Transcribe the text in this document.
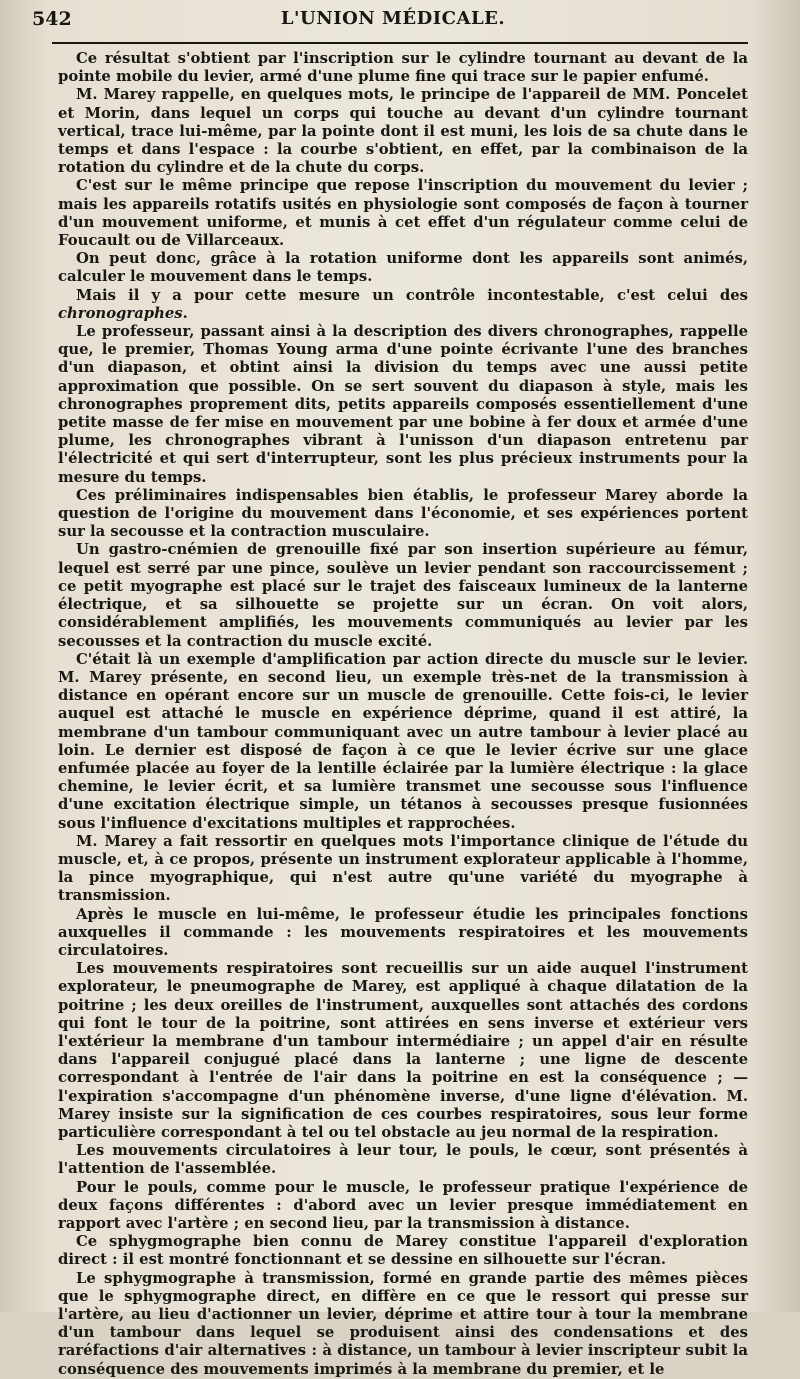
542	L'UNION MÉDICALE.

Ce résultat s'obtient par l'inscription sur le cylindre tournant au devant de la pointe mobile du levier, armé d'une plume fine qui trace sur le papier enfumé.

M. Marey rappelle, en quelques mots, le principe de l'appareil de MM. Poncelet et Morin, dans lequel un corps qui touche au devant d'un cylindre tournant vertical, trace lui-même, par la pointe dont il est muni, les lois de sa chute dans le temps et dans l'espace : la courbe s'obtient, en effet, par la combinaison de la rotation du cylindre et de la chute du corps.

C'est sur le même principe que repose l'inscription du mouvement du levier ; mais les appareils rotatifs usités en physiologie sont composés de façon à tourner d'un mouvement uniforme, et munis à cet effet d'un régulateur comme celui de Foucault ou de Villarceaux.

On peut donc, grâce à la rotation uniforme dont les appareils sont animés, calculer le mouvement dans le temps.

Mais il y a pour cette mesure un contrôle incontestable, c'est celui des chronographes.

Le professeur, passant ainsi à la description des divers chronographes, rappelle que, le premier, Thomas Young arma d'une pointe écrivante l'une des branches d'un diapason, et obtint ainsi la division du temps avec une aussi petite approximation que possible. On se sert souvent du diapason à style, mais les chronographes proprement dits, petits appareils composés essentiellement d'une petite masse de fer mise en mouvement par une bobine à fer doux et armée d'une plume, les chronographes vibrant à l'unisson d'un diapason entretenu par l'électricité et qui sert d'interrupteur, sont les plus précieux instruments pour la mesure du temps.

Ces préliminaires indispensables bien établis, le professeur Marey aborde la question de l'origine du mouvement dans l'économie, et ses expériences portent sur la secousse et la contraction musculaire.

Un gastro-cnémien de grenouille fixé par son insertion supérieure au fémur, lequel est serré par une pince, soulève un levier pendant son raccourcissement ; ce petit myographe est placé sur le trajet des faisceaux lumineux de la lanterne électrique, et sa silhouette se projette sur un écran. On voit alors, considérablement amplifiés, les mouvements communiqués au levier par les secousses et la contraction du muscle excité.

C'était là un exemple d'amplification par action directe du muscle sur le levier. M. Marey présente, en second lieu, un exemple très-net de la transmission à distance en opérant encore sur un muscle de grenouille. Cette fois-ci, le levier auquel est attaché le muscle en expérience déprime, quand il est attiré, la membrane d'un tambour communiquant avec un autre tambour à levier placé au loin. Le dernier est disposé de façon à ce que le levier écrive sur une glace enfumée placée au foyer de la lentille éclairée par la lumière électrique : la glace chemine, le levier écrit, et sa lumière transmet une secousse sous l'influence d'une excitation électrique simple, un tétanos à secousses presque fusionnées sous l'influence d'excitations multiples et rapprochées.

M. Marey a fait ressortir en quelques mots l'importance clinique de l'étude du muscle, et, à ce propos, présente un instrument explorateur applicable à l'homme, la pince myographique, qui n'est autre qu'une variété du myographe à transmission.

Après le muscle en lui-même, le professeur étudie les principales fonctions auxquelles il commande : les mouvements respiratoires et les mouvements circulatoires.

Les mouvements respiratoires sont recueillis sur un aide auquel l'instrument explorateur, le pneumographe de Marey, est appliqué à chaque dilatation de la poitrine ; les deux oreilles de l'instrument, auxquelles sont attachés des cordons qui font le tour de la poitrine, sont attirées en sens inverse et extérieur vers l'extérieur la membrane d'un tambour intermédiaire ; un appel d'air en résulte dans l'appareil conjugué placé dans la lanterne ; une ligne de descente correspondant à l'entrée de l'air dans la poitrine en est la conséquence ; — l'expiration s'accompagne d'un phénomène inverse, d'une ligne d'élévation. M. Marey insiste sur la signification de ces courbes respiratoires, sous leur forme particulière correspondant à tel ou tel obstacle au jeu normal de la respiration.

Les mouvements circulatoires à leur tour, le pouls, le cœur, sont présentés à l'attention de l'assemblée.

Pour le pouls, comme pour le muscle, le professeur pratique l'expérience de deux façons différentes : d'abord avec un levier presque immédiatement en rapport avec l'artère ; en second lieu, par la transmission à distance.

Ce sphygmographe bien connu de Marey constitue l'appareil d'exploration direct : il est montré fonctionnant et se dessine en silhouette sur l'écran.

Le sphygmographe à transmission, formé en grande partie des mêmes pièces que le sphygmographe direct, en diffère en ce que le ressort qui presse sur l'artère, au lieu d'actionner un levier, déprime et attire tour à tour la membrane d'un tambour dans lequel se produisent ainsi des condensations et des raréfactions d'air alternatives : à distance, un tambour à levier inscripteur subit la conséquence des mouvements imprimés à la membrane du premier, et le
